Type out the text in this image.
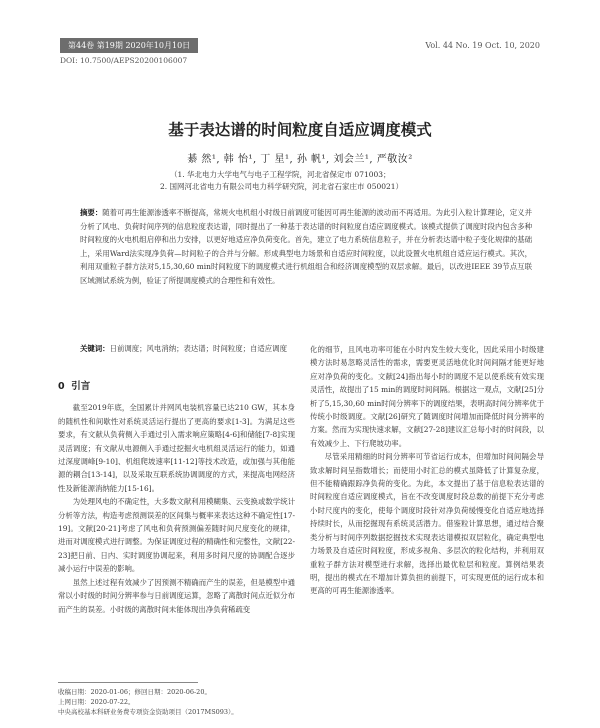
第44卷 第19期 2020年10月10日	Vol. 44 No. 19 Oct. 10, 2020
DOI: 10.7500/AEPS20200106007
基于表达谱的时间粒度自适应调度模式
綦 然¹, 韩 怡¹, 丁 星¹, 孙 帆¹, 刘会兰¹, 严敬汝²
（1. 华北电力大学电气与电子工程学院，河北省保定市 071003；
2. 国网河北省电力有限公司电力科学研究院，河北省石家庄市 050021）
摘要：随着可再生能源渗透率不断提高，常规火电机组小时级日前调度可能因可再生能源的波动而不再适用。为此引入粒计算理论，定义并分析了风电、负荷时间序列的信息粒度表达谱，同时提出了一种基于表达谱的时间粒度自适应调度模式。该模式提供了调度时段内包含多种时间粒度的火电机组启停和出力安排，以更好地适应净负荷变化。首先，建立了电力系统信息粒子，并在分析表达谱中粒子变化规律的基础上，采用Ward法实现净负荷—时间粒子的合并与分解。形成典型电力场景和自适应时间粒度，以此设置火电机组自适应运行模式。其次，利用双重粒子群方法对5,15,30,60 min时间粒度下的调度模式进行机组组合和经济调度模型的双层求解。最后，以改进IEEE 39节点互联区域测试系统为例，验证了所提调度模式的合理性和有效性。
关键词：日前调度；风电消纳；表达谱；时间粒度；自适应调度
0 引言

截至2019年底，全国累计并网风电装机容量已达210 GW，其本身的随机性和间歇性对系统灵活运行提出了更高的要求[1-3]。为满足这些要求，有文献从负荷侧入手通过引入需求响应策略[4-6]和储能[7-8]实现灵活调度；有文献从电源侧入手通过挖掘火电机组灵活运行的能力，如通过深度调峰[9-10]、机组爬坡速率[11-12]等技术改造，或加强与其他能源的耦合[13-14]，以及采取互联系统协调调度的方式，来提高电网经济性及新能源消纳能力[15-16]。

为处理风电的不确定性，大多数文献利用模糊集、云变换或数学统计分析等方法，构造考虑预测误差的区间集与概率来表达这种不确定性[17-19]。文献[20-21]考虑了风电和负荷预测偏差随时间尺度变化的规律，进而对调度模式进行调整。为保证调度过程的精确性和完整性，文献[22-23]把日前、日内、实时调度协调起来，利用多时间尺度的协调配合逐步减小运行中误差的影响。

虽然上述过程有效减少了因预测不精确而产生的误差，但是模型中通常以小时级的时间分辨率参与日前调度运算，忽略了离散时间点近似分布而产生的误差。小时级的离散时间未能体现出净负荷稀疏变

化的细节，且风电功率可能在小时内发生较大变化，因此采用小时级建模方法时易忽略灵活性的需求，需要更灵活地优化时间间隔才能更好地应对净负荷的变化。文献[24]指出每小时的调度不足以使系统有效实现灵活性，故提出了15 min的调度时间间隔。根据这一观点，文献[25]分析了5,15,30,60 min时间分辨率下的调度结果，表明高时间分辨率优于传统小时级调度。文献[26]研究了随调度时间增加而降低时间分辨率的方案。然而为实现快速求解，文献[27-28]建议汇总每小时的时间段，以有效减少上、下行爬坡功率。

尽管采用精细的时间分辨率可节省运行成本，但增加时间间隔会导致求解时间呈指数增长；而使用小时汇总的模式虽降低了计算复杂度，但不能精确跟踪净负荷的变化。为此，本文提出了基于信息粒表达谱的时间粒度自适应调度模式，旨在不改变调度时段总数的前提下充分考虑小时尺度内的变化，使每个调度时段针对净负荷缓慢变化自适应地选择持续时长，从而挖掘现有系统灵活潜力。借鉴粒计算思想，通过结合聚类分析与时间序列数据挖掘技术实现表达谱模拟双层粒化，确定典型电力场景及自适应时间粒度，形成多视角、多层次的粒化结构，并利用双重粒子群方法对模型进行求解，选择出最优粒层和粒度。算例结果表明，提出的模式在不增加计算负担的前提下，可实现更低的运行成本和更高的可再生能源渗透率。

收稿日期：2020-01-06；修回日期：2020-06-20。
上网日期：2020-07-22。
中央高校基本科研业务费专项资金资助项目（2017MS093）。
